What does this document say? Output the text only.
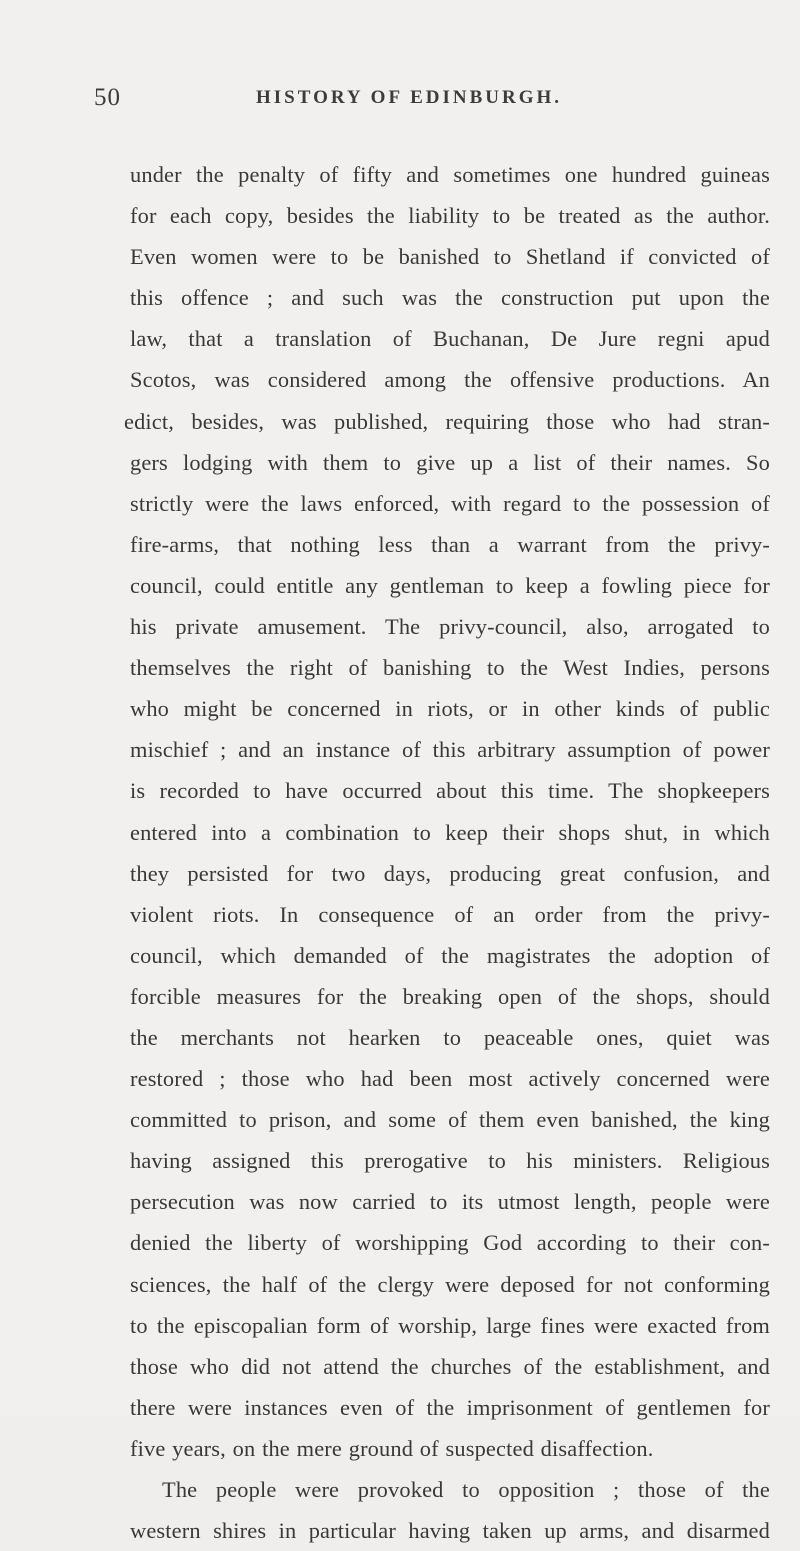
50	HISTORY OF EDINBURGH.
under the penalty of fifty and sometimes one hundred guineas
for each copy, besides the liability to be treated as the author.
Even women were to be banished to Shetland if convicted of
this offence ; and such was the construction put upon the
law, that a translation of Buchanan, De Jure regni apud
Scotos, was considered among the offensive productions. An
edict, besides, was published, requiring those who had stran-
gers lodging with them to give up a list of their names. So
strictly were the laws enforced, with regard to the possession of
fire-arms, that nothing less than a warrant from the privy-
council, could entitle any gentleman to keep a fowling piece for
his private amusement. The privy-council, also, arrogated to
themselves the right of banishing to the West Indies, persons
who might be concerned in riots, or in other kinds of public
mischief ; and an instance of this arbitrary assumption of power
is recorded to have occurred about this time. The shopkeepers
entered into a combination to keep their shops shut, in which
they persisted for two days, producing great confusion, and
violent riots. In consequence of an order from the privy-
council, which demanded of the magistrates the adoption of
forcible measures for the breaking open of the shops, should
the merchants not hearken to peaceable ones, quiet was
restored ; those who had been most actively concerned were
committed to prison, and some of them even banished, the king
having assigned this prerogative to his ministers. Religious
persecution was now carried to its utmost length, people were
denied the liberty of worshipping God according to their con-
sciences, the half of the clergy were deposed for not conforming
to the episcopalian form of worship, large fines were exacted from
those who did not attend the churches of the establishment, and
there were instances even of the imprisonment of gentlemen for
five years, on the mere ground of suspected disaffection.
The people were provoked to opposition ; those of the
western shires in particular having taken up arms, and disarmed
